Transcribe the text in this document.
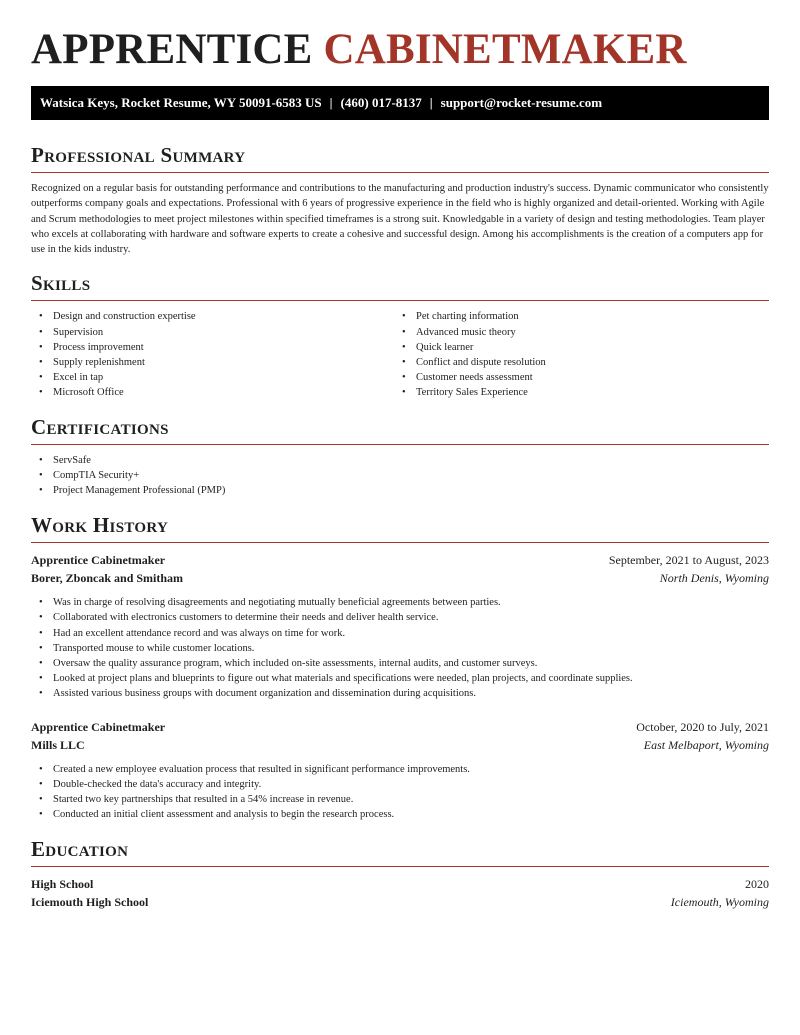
APPRENTICE CABINETMAKER
Watsica Keys, Rocket Resume, WY 50091-6583 US | (460) 017-8137 | support@rocket-resume.com
Professional Summary

Recognized on a regular basis for outstanding performance and contributions to the manufacturing and production industry's success. Dynamic communicator who consistently outperforms company goals and expectations. Professional with 6 years of progressive experience in the field who is highly organized and detail-oriented. Working with Agile and Scrum methodologies to meet project milestones within specified timeframes is a strong suit. Knowledgable in a variety of design and testing methodologies. Team player who excels at collaborating with hardware and software experts to create a cohesive and successful design. Among his accomplishments is the creation of a computers app for use in the kids industry.

Skills
• Design and construction expertise
• Supervision
• Process improvement
• Supply replenishment
• Excel in tap
• Microsoft Office
• Pet charting information
• Advanced music theory
• Quick learner
• Conflict and dispute resolution
• Customer needs assessment
• Territory Sales Experience
Certifications
• ServSafe
• CompTIA Security+
• Project Management Professional (PMP)
Work History
Apprentice Cabinetmaker	September, 2021 to August, 2023
Borer, Zboncak and Smitham	North Denis, Wyoming
• Was in charge of resolving disagreements and negotiating mutually beneficial agreements between parties.
• Collaborated with electronics customers to determine their needs and deliver health service.
• Had an excellent attendance record and was always on time for work.
• Transported mouse to while customer locations.
• Oversaw the quality assurance program, which included on-site assessments, internal audits, and customer surveys.
• Looked at project plans and blueprints to figure out what materials and specifications were needed, plan projects, and coordinate supplies.
• Assisted various business groups with document organization and dissemination during acquisitions.
Apprentice Cabinetmaker	October, 2020 to July, 2021
Mills LLC	East Melbaport, Wyoming
• Created a new employee evaluation process that resulted in significant performance improvements.
• Double-checked the data's accuracy and integrity.
• Started two key partnerships that resulted in a 54% increase in revenue.
• Conducted an initial client assessment and analysis to begin the research process.
Education
High School	2020
Iciemouth High School	Iciemouth, Wyoming
